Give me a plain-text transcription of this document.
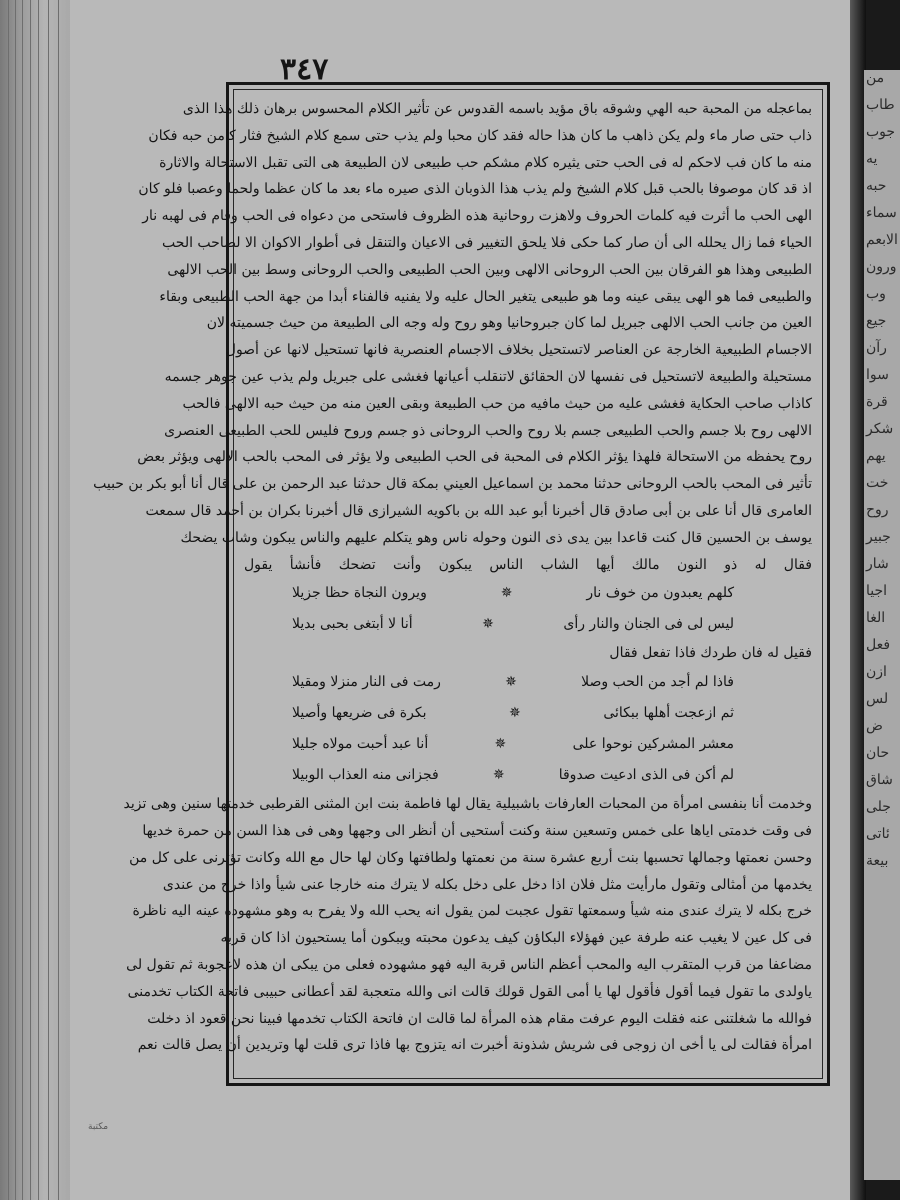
من
طاب
جوب
يه
حبه
سماء
الابعم
ورون
وب
جيع
رآن
سوا
قرة
شكر
يهم
خت
روح
جبير
شار
اجيا
الغا
فعل
ازن
لس
ض
حان
شاق
جلى
ئاتى
بيعة
٣٤٧
بماعجله من المحبة حبه الهي وشوقه باق مؤيد باسمه القدوس عن تأثير الكلام المحسوس برهان ذلك هذا الذى
ذاب حتى صار ماء ولم يكن ذاهب ما كان هذا حاله فقد كان محبا ولم يذب حتى سمع كلام الشيخ فثار كامن حبه فكان
منه ما كان فب لاحكم له فى الحب حتى يثيره كلام مشكم حب طبيعى لان الطبيعة هى التى تقبل الاستحالة والاثارة
اذ قد كان موصوفا بالحب قبل كلام الشيخ ولم يذب هذا الذوبان الذى صيره ماء بعد ما كان عظما ولحما وعصبا فلو كان
الهى الحب ما أثرت فيه كلمات الحروف ولاهزت روحانية هذه الظروف فاستحى من دعواه فى الحب وقام فى لهبه نار
الحياء فما زال يحلله الى أن صار كما حكى فلا يلحق التغيير فى الاعيان والتنقل فى أطوار الاكوان الا لصاحب الحب
الطبيعى وهذا هو الفرقان بين الحب الروحانى الالهى وبين الحب الطبيعى والحب الروحانى وسط بين الحب الالهى
والطبيعى فما هو الهى يبقى عينه وما هو طبيعى يتغير الحال عليه ولا يفنيه فالفناء أبدا من جهة الحب الطبيعى وبقاء
العين من جانب الحب الالهى جبريل لما كان جبروحانيا وهو روح وله وجه الى الطبيعة من حيث جسميته لان
الاجسام الطبيعية الخارجة عن العناصر لاتستحيل بخلاف الاجسام العنصرية فانها تستحيل لانها عن أصول
مستحيلة والطبيعة لاتستحيل فى نفسها لان الحقائق لاتنقلب أعيانها فغشى على جبريل ولم يذب عين جوهر جسمه
كاذاب صاحب الحكاية فغشى عليه من حيث مافيه من حب الطبيعة وبقى العين منه من حيث حبه الالهى فالحب
الالهى روح بلا جسم والحب الطبيعى جسم بلا روح والحب الروحانى ذو جسم وروح فليس للحب الطبيعى العنصرى
روح يحفظه من الاستحالة فلهذا يؤثر الكلام فى المحبة فى الحب الطبيعى ولا يؤثر فى المحب بالحب الالهى ويؤثر بعض
تأثير فى المحب بالحب الروحانى حدثنا محمد بن اسماعيل العيني بمكة قال حدثنا عبد الرحمن بن على قال أنا أبو بكر بن حبيب
العامرى قال أنا على بن أبى صادق قال أخبرنا أبو عبد الله بن باكويه الشيرازى قال أخبرنا بكران بن أحمد قال سمعت
يوسف بن الحسين قال كنت قاعدا بين يدى ذى النون وحوله ناس وهو يتكلم عليهم والناس يبكون وشاب يضحك
فقال له ذو النون مالك أيها الشاب الناس يبكون وأنت تضحك فأنشأ يقول
كلهم يعبدون من خوف نار
✵
ويرون النجاة حظا جزيلا
ليس لى فى الجنان والنار رأى
✵
أنا لا أبتغى بحبى بديلا
فقيل له فان طردك فاذا تفعل فقال
فاذا لم أجد من الحب وصلا
✵
رمت فى النار منزلا ومقيلا
ثم ازعجت أهلها ببكائى
✵
بكرة فى ضريعها وأصيلا
معشر المشركين نوحوا على
✵
أنا عبد أحبت مولاه جليلا
لم أكن فى الذى ادعيت صدوقا
✵
فجزانى منه العذاب الوبيلا
وخدمت أنا بنفسى امرأة من المحبات العارفات باشبيلية يقال لها فاطمة بنت ابن المثنى القرطبى خدمتها سنين وهى تزيد
فى وقت خدمتى اياها على خمس وتسعين سنة وكنت أستحيى أن أنظر الى وجهها وهى فى هذا السن من حمرة خديها
وحسن نعمتها وجمالها تحسبها بنت أربع عشرة سنة من نعمتها ولطافتها وكان لها حال مع الله وكانت تؤثرنى على كل من
يخدمها من أمثالى وتقول مارأيت مثل فلان اذا دخل على دخل بكله لا يترك منه خارجا عنى شيأ واذا خرج من عندى
خرج بكله لا يترك عندى منه شيأ وسمعتها تقول عجبت لمن يقول انه يحب الله ولا يفرح به وهو مشهوده عينه اليه ناظرة
فى كل عين لا يغيب عنه طرفة عين فهؤلاء البكاؤن كيف يدعون محبته ويبكون أما يستحيون اذا كان قربه
مضاعفا من قرب المتقرب اليه والمحب أعظم الناس قربة اليه فهو مشهوده فعلى من يبكى ان هذه لاعجوبة ثم تقول لى
ياولدى ما تقول فيما أقول فأقول لها يا أمى القول قولك قالت انى والله متعجبة لقد أعطانى حبيبى فاتحة الكتاب تخدمنى
فوالله ما شغلتنى عنه فقلت اليوم عرفت مقام هذه المرأة لما قالت ان فاتحة الكتاب تخدمها فبينا نحن قعود اذ دخلت
امرأة فقالت لى يا أخى ان زوجى فى شريش شذونة أخبرت انه يتزوج بها فاذا ترى قلت لها وتريدين أن يصل قالت نعم
مكتبة
